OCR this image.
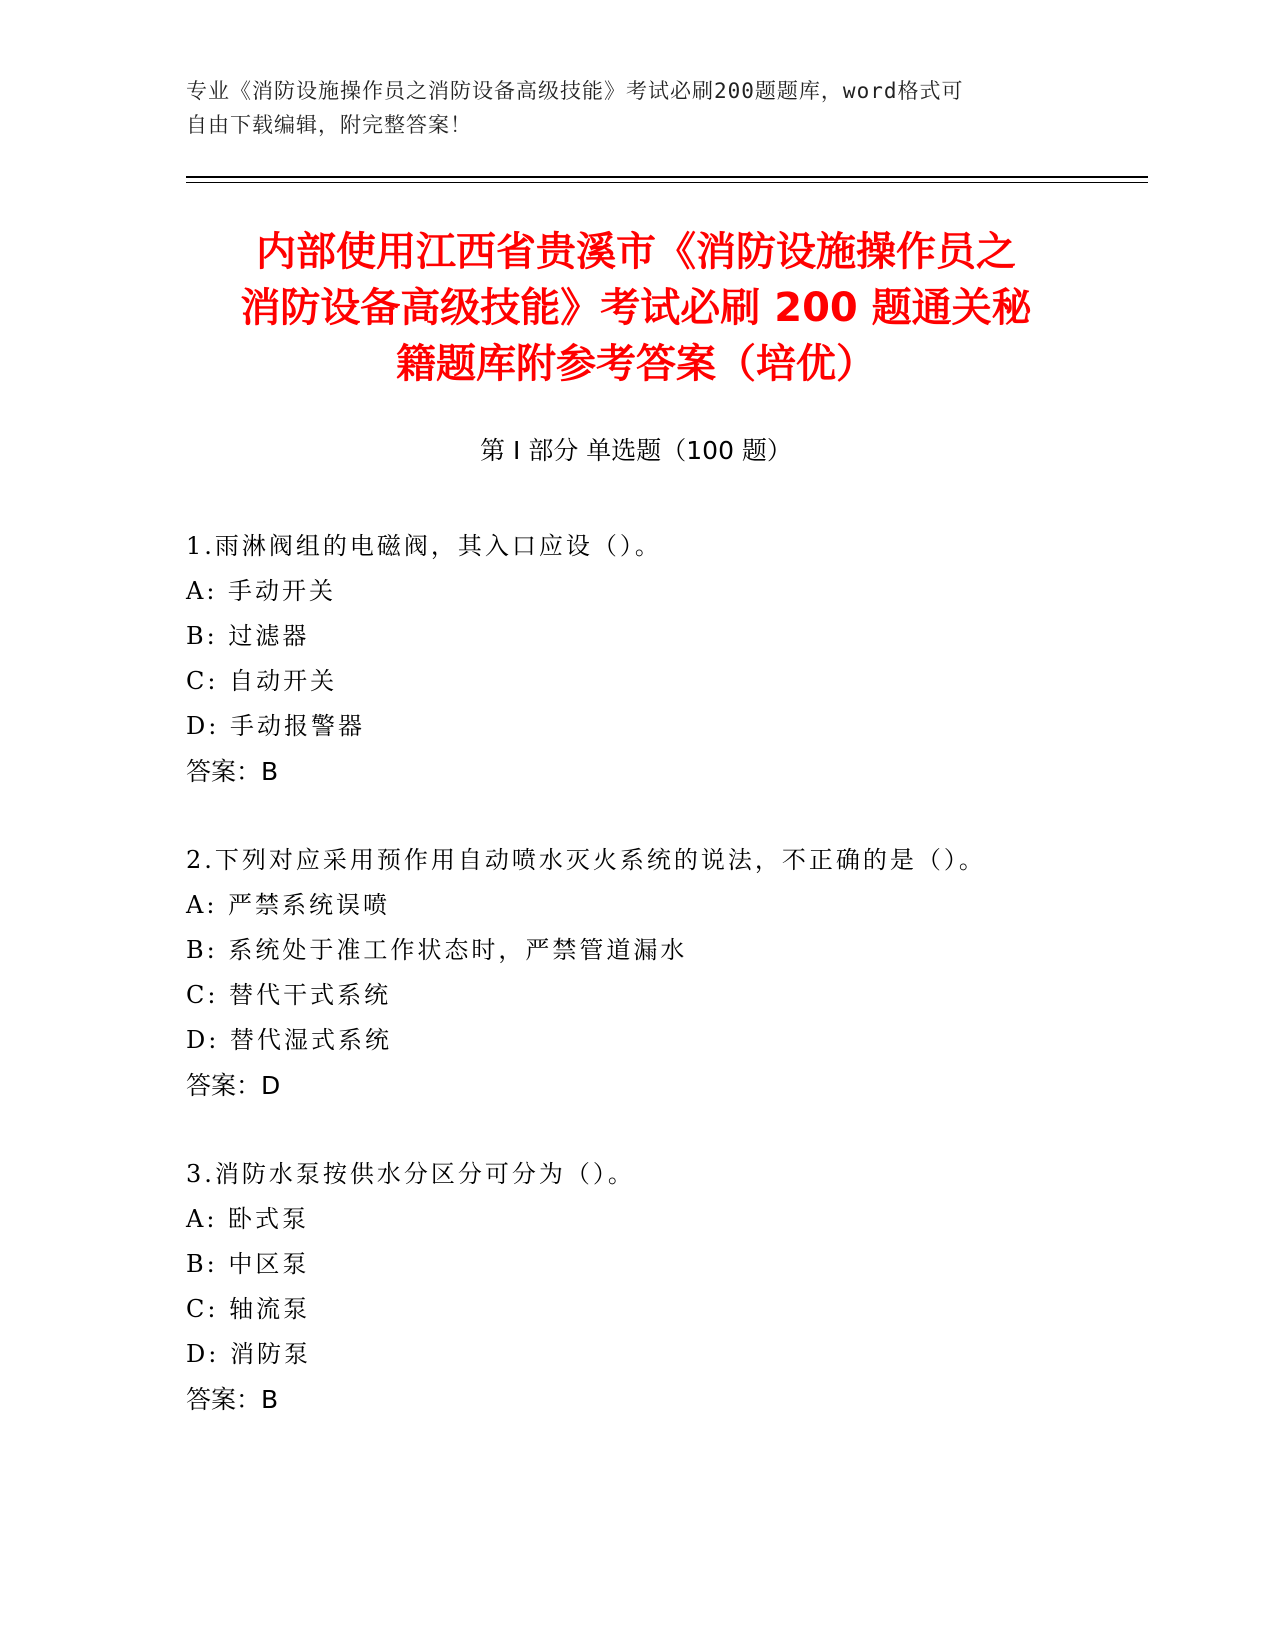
专业《消防设施操作员之消防设备高级技能》考试必刷200题题库，word格式可
自由下载编辑，附完整答案！
内部使用江西省贵溪市《消防设施操作员之
消防设备高级技能》考试必刷 200 题通关秘
籍题库附参考答案（培优）
第 I 部分 单选题（100 题）
1.雨淋阀组的电磁阀，其入口应设（）。
A: 手动开关
B: 过滤器
C: 自动开关
D: 手动报警器
答案：B
2.下列对应采用预作用自动喷水灭火系统的说法，不正确的是（）。
A: 严禁系统误喷
B: 系统处于准工作状态时，严禁管道漏水
C: 替代干式系统
D: 替代湿式系统
答案：D
3.消防水泵按供水分区分可分为（）。
A: 卧式泵
B: 中区泵
C: 轴流泵
D: 消防泵
答案：B
